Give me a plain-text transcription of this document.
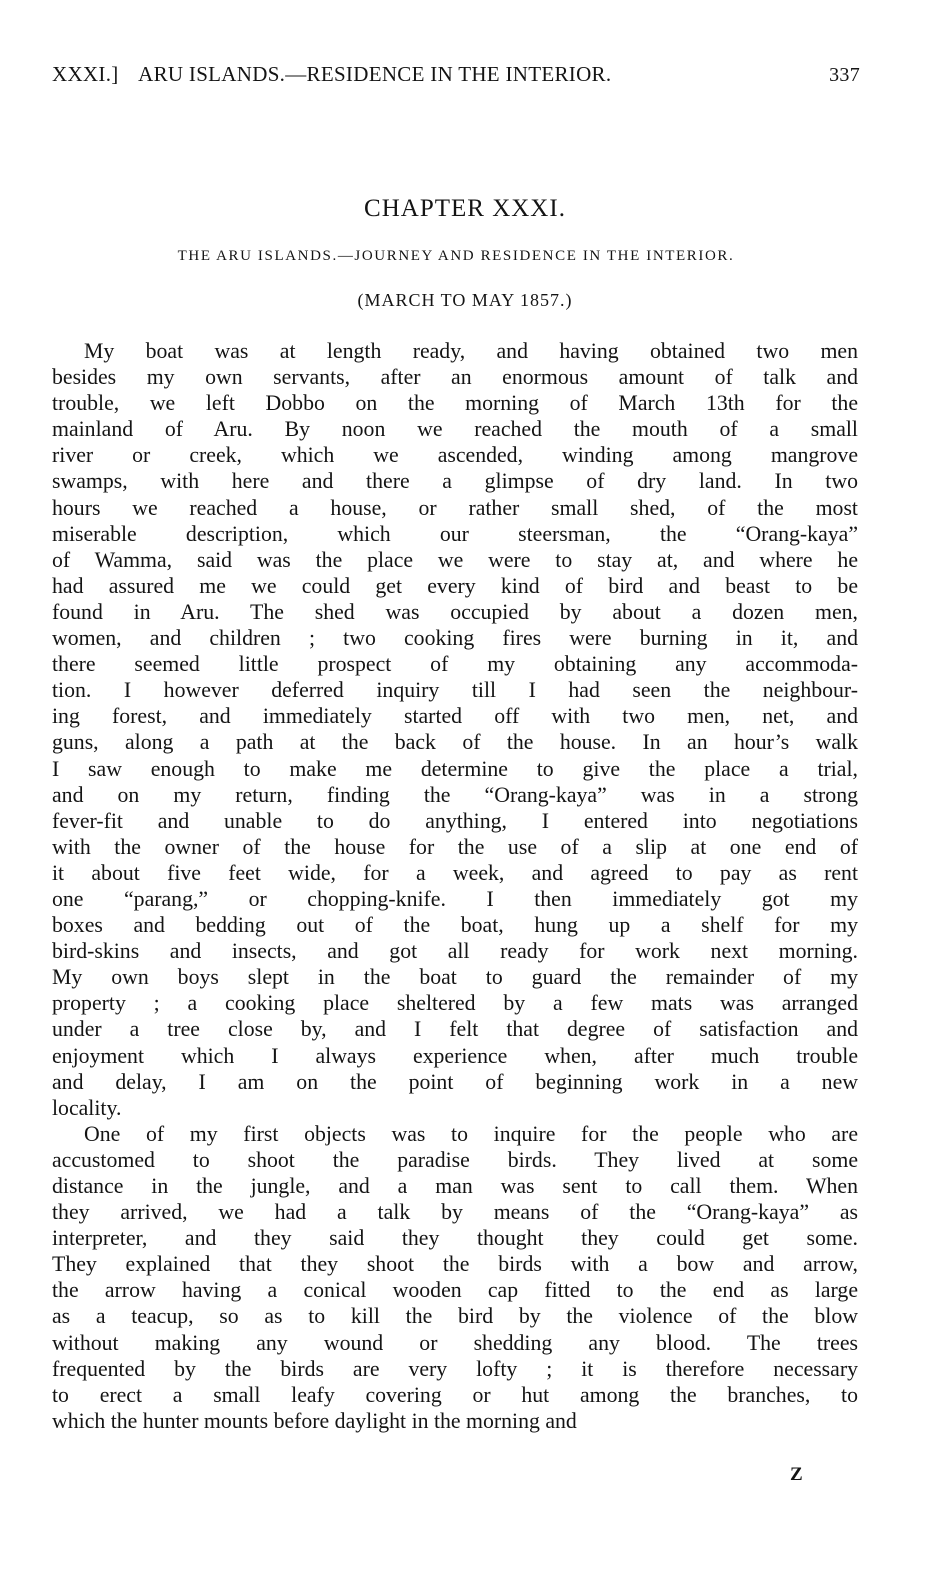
XXXI.] ARU ISLANDS.—RESIDENCE IN THE INTERIOR.	337
CHAPTER XXXI.
THE ARU ISLANDS.—JOURNEY AND RESIDENCE IN THE INTERIOR.
(MARCH TO MAY 1857.)
My boat was at length ready, and having obtained two men
besides my own servants, after an enormous amount of talk and
trouble, we left Dobbo on the morning of March 13th for the
mainland of Aru. By noon we reached the mouth of a small
river or creek, which we ascended, winding among mangrove
swamps, with here and there a glimpse of dry land. In two
hours we reached a house, or rather small shed, of the most
miserable description, which our steersman, the “Orang-kaya”
of Wamma, said was the place we were to stay at, and where he
had assured me we could get every kind of bird and beast to be
found in Aru. The shed was occupied by about a dozen men,
women, and children ; two cooking fires were burning in it, and
there seemed little prospect of my obtaining any accommoda-
tion. I however deferred inquiry till I had seen the neighbour-
ing forest, and immediately started off with two men, net, and
guns, along a path at the back of the house. In an hour’s walk
I saw enough to make me determine to give the place a trial,
and on my return, finding the “Orang-kaya” was in a strong
fever-fit and unable to do anything, I entered into negotiations
with the owner of the house for the use of a slip at one end of
it about five feet wide, for a week, and agreed to pay as rent
one “parang,” or chopping-knife. I then immediately got my
boxes and bedding out of the boat, hung up a shelf for my
bird-skins and insects, and got all ready for work next morning.
My own boys slept in the boat to guard the remainder of my
property ; a cooking place sheltered by a few mats was arranged
under a tree close by, and I felt that degree of satisfaction and
enjoyment which I always experience when, after much trouble
and delay, I am on the point of beginning work in a new
locality.
One of my first objects was to inquire for the people who are
accustomed to shoot the paradise birds. They lived at some
distance in the jungle, and a man was sent to call them. When
they arrived, we had a talk by means of the “Orang-kaya” as
interpreter, and they said they thought they could get some.
They explained that they shoot the birds with a bow and arrow,
the arrow having a conical wooden cap fitted to the end as large
as a teacup, so as to kill the bird by the violence of the blow
without making any wound or shedding any blood. The trees
frequented by the birds are very lofty ; it is therefore necessary
to erect a small leafy covering or hut among the branches, to
which the hunter mounts before daylight in the morning and
Z
